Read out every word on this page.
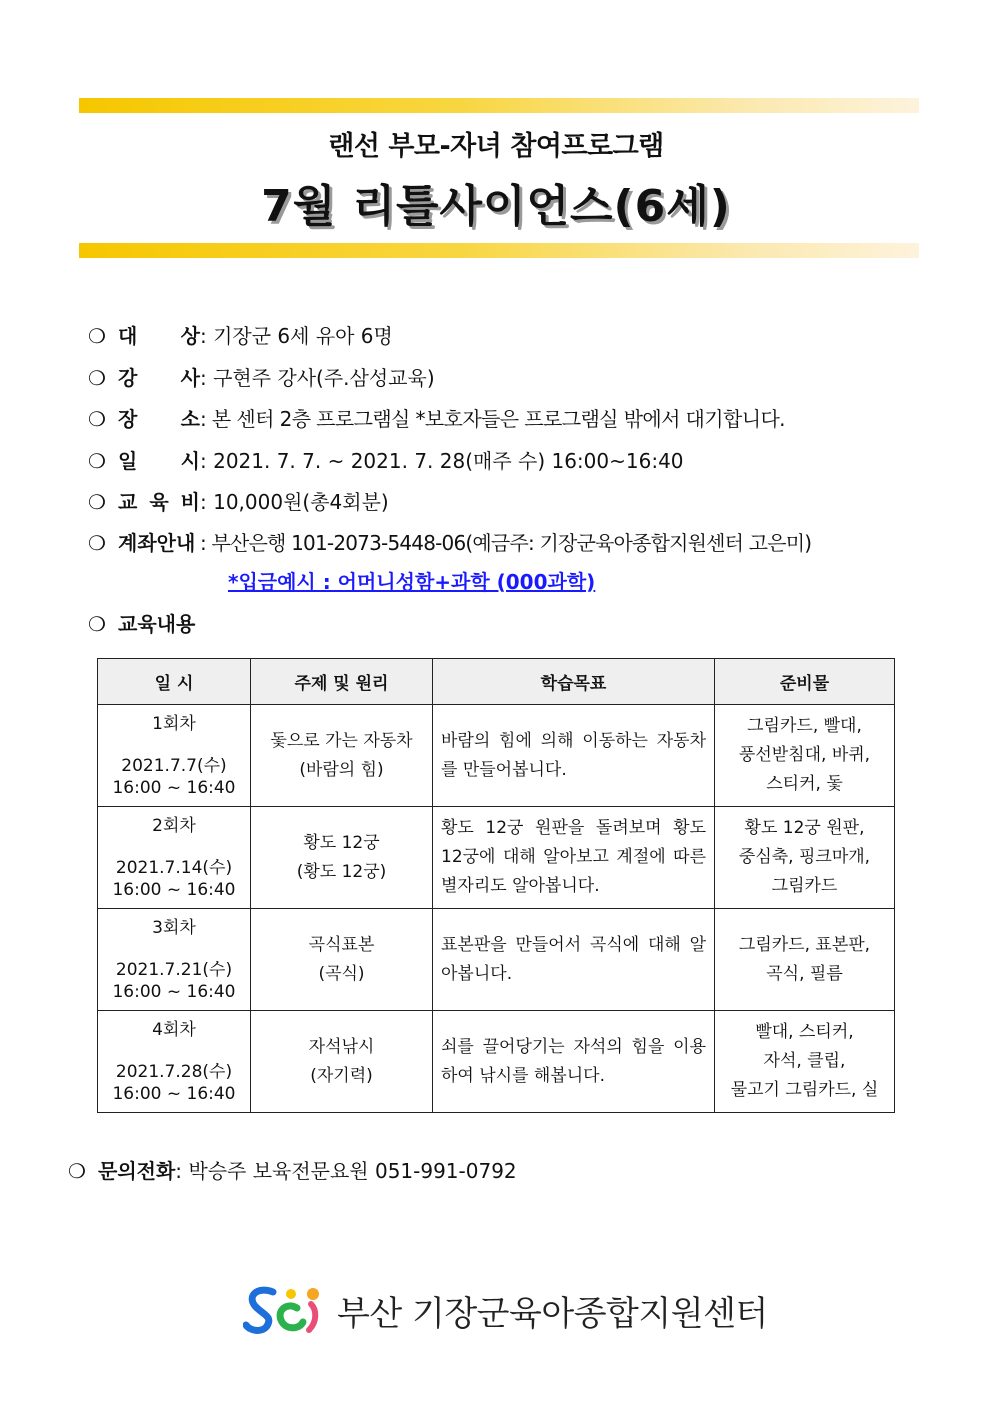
랜선 부모-자녀 참여프로그램
7월 리틀사이언스(6세)
❍ 대 상: 기장군 6세 유아 6명
❍ 강 사: 구현주 강사(주.삼성교육)
❍ 장 소: 본 센터 2층 프로그램실 *보호자들은 프로그램실 밖에서 대기합니다.
❍ 일 시: 2021. 7. 7. ~ 2021. 7. 28(매주 수) 16:00~16:40
❍ 교 육 비: 10,000원(총4회분)
❍ 계좌안내 : 부산은행 101-2073-5448-06(예금주: 기장군육아종합지원센터 고은미)
*입금예시 : 어머니성함+과학 (000과학)
❍ 교육내용
일 시	주제 및 원리	학습목표	준비물

1회차
2021.7.7(수)
16:00 ~ 16:40	돛으로 가는 자동차
(바람의 힘)	바람의 힘에 의해 이동하는 자동차를 만들어봅니다.	그림카드, 빨대,
풍선받침대, 바퀴,
스티커, 돛

2회차
2021.7.14(수)
16:00 ~ 16:40	황도 12궁
(황도 12궁)	황도 12궁 원판을 돌려보며 황도 12궁에 대해 알아보고 계절에 따른 별자리도 알아봅니다.	황도 12궁 원판,
중심축, 핑크마개,
그림카드

3회차
2021.7.21(수)
16:00 ~ 16:40	곡식표본
(곡식)	표본판을 만들어서 곡식에 대해 알아봅니다.	그림카드, 표본판,
곡식, 필름

4회차
2021.7.28(수)
16:00 ~ 16:40	자석낚시
(자기력)	쇠를 끌어당기는 자석의 힘을 이용하여 낚시를 해봅니다.	빨대, 스티커,
자석, 클립,
물고기 그림카드, 실
❍ 문의전화: 박승주 보육전문요원 051-991-0792
부산 기장군육아종합지원센터
